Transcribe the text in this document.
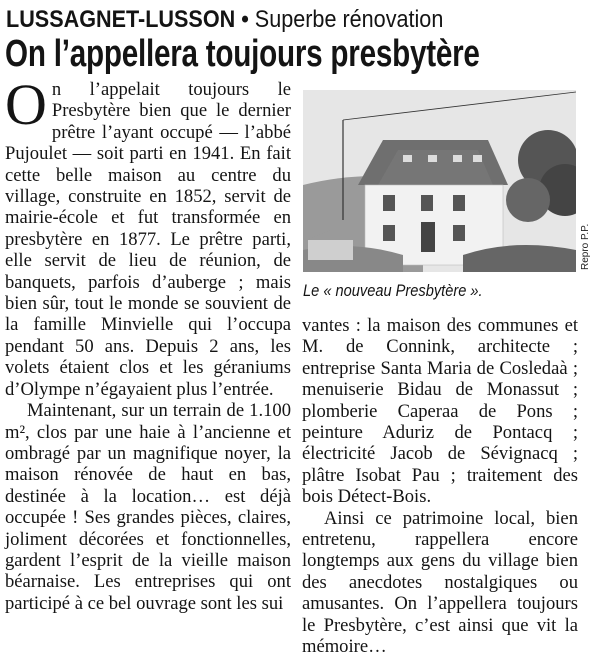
LUSSAGNET-LUSSON • Superbe rénovation
On l’appellera toujours presbytère

On l’appelait toujours le Presbytère bien que le dernier prêtre l’ayant occupé — l’abbé Pujoulet — soit parti en 1941. En fait cette belle maison au centre du village, construite en 1852, servit de mairie-école et fut transformée en presbytère en 1877. Le prêtre parti, elle servit de lieu de réunion, de banquets, parfois d’auberge ; mais bien sûr, tout le monde se souvient de la famille Minvielle qui l’occupa pendant 50 ans. Depuis 2 ans, les volets étaient clos et les géraniums d’Olympe n’égayaient plus l’entrée.

Maintenant, sur un terrain de 1.100 m², clos par une haie à l’ancienne et ombragé par un magnifique noyer, la maison rénovée de haut en bas, destinée à la location… est déjà occupée ! Ses grandes pièces, claires, joliment décorées et fonctionnelles, gardent l’esprit de la vieille maison béarnaise. Les entreprises qui ont participé à ce bel ouvrage sont les sui

Repro P.P.
Le « nouveau Presbytère ».

vantes : la maison des communes et M. de Connink, architecte ; entreprise Santa Maria de Cosledaà ; menuiserie Bidau de Monassut ; plomberie Caperaa de Pons ; peinture Aduriz de Pontacq ; électricité Jacob de Sévignacq ; plâtre Isobat Pau ; traitement des bois Détect-Bois.

Ainsi ce patrimoine local, bien entretenu, rappellera encore longtemps aux gens du village bien des anecdotes nostalgiques ou amusantes. On l’appellera toujours le Presbytère, c’est ainsi que vit la mémoire…
